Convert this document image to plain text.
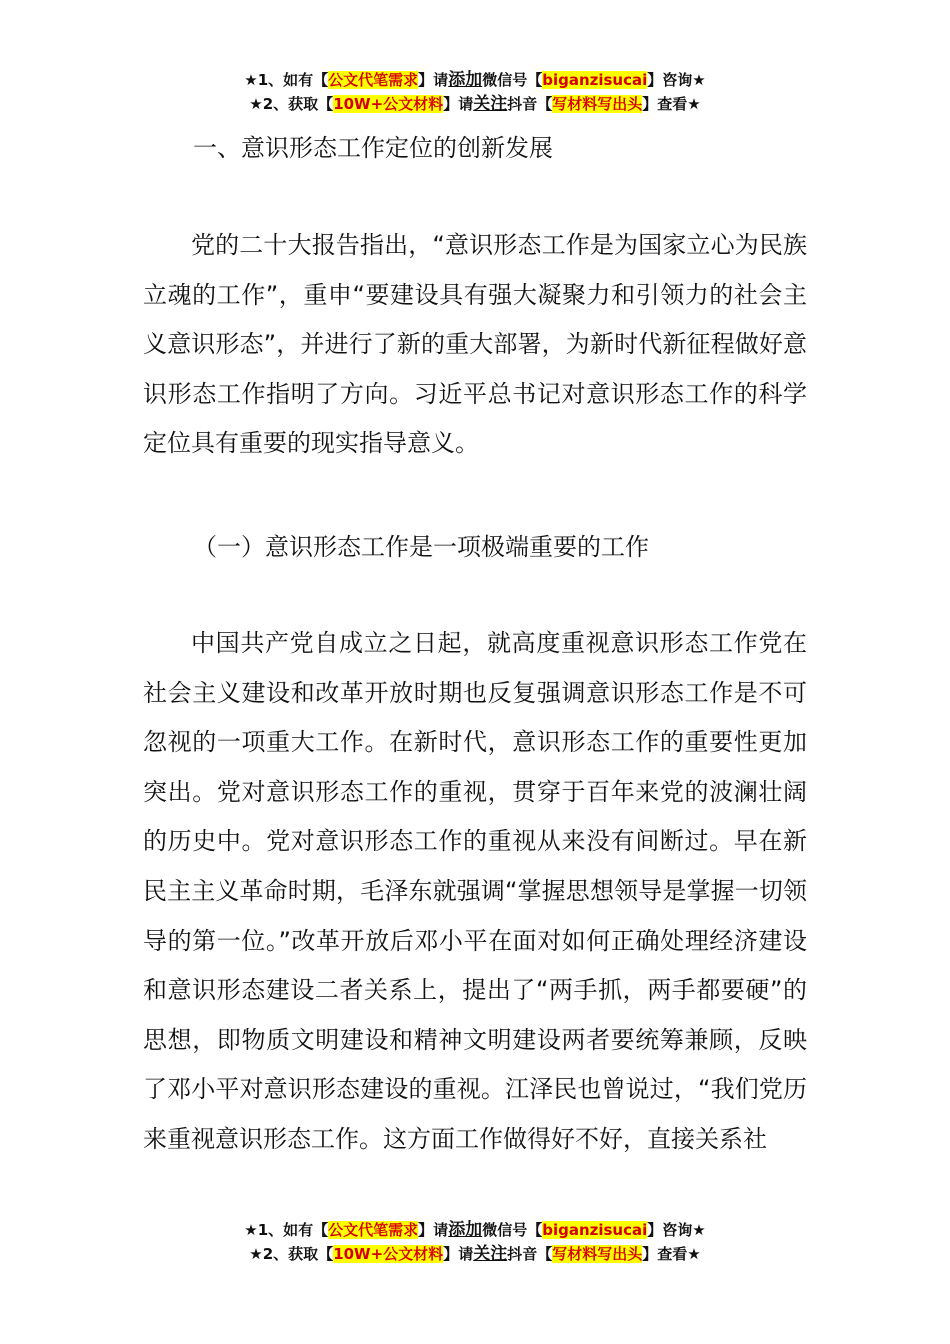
★1、如有【公文代笔需求】请添加微信号【biganzisucai】咨询★
★2、获取【10W+公文材料】请关注抖音【写材料写出头】查看★
一、意识形态工作定位的创新发展

党的二十大报告指出，“意识形态工作是为国家立心为民族立魂的工作”，重申“要建设具有强大凝聚力和引领力的社会主义意识形态”，并进行了新的重大部署，为新时代新征程做好意识形态工作指明了方向。习近平总书记对意识形态工作的科学定位具有重要的现实指导意义。

（一）意识形态工作是一项极端重要的工作

中国共产党自成立之日起，就高度重视意识形态工作党在社会主义建设和改革开放时期也反复强调意识形态工作是不可忽视的一项重大工作。在新时代，意识形态工作的重要性更加突出。党对意识形态工作的重视，贯穿于百年来党的波澜壮阔的历史中。党对意识形态工作的重视从来没有间断过。早在新民主主义革命时期，毛泽东就强调“掌握思想领导是掌握一切领导的第一位。”改革开放后邓小平在面对如何正确处理经济建设和意识形态建设二者关系上，提出了“两手抓，两手都要硬”的思想，即物质文明建设和精神文明建设两者要统筹兼顾，反映了邓小平对意识形态建设的重视。江泽民也曾说过，“我们党历来重视意识形态工作。这方面工作做得好不好，直接关系社

★1、如有【公文代笔需求】请添加微信号【biganzisucai】咨询★
★2、获取【10W+公文材料】请关注抖音【写材料写出头】查看★
